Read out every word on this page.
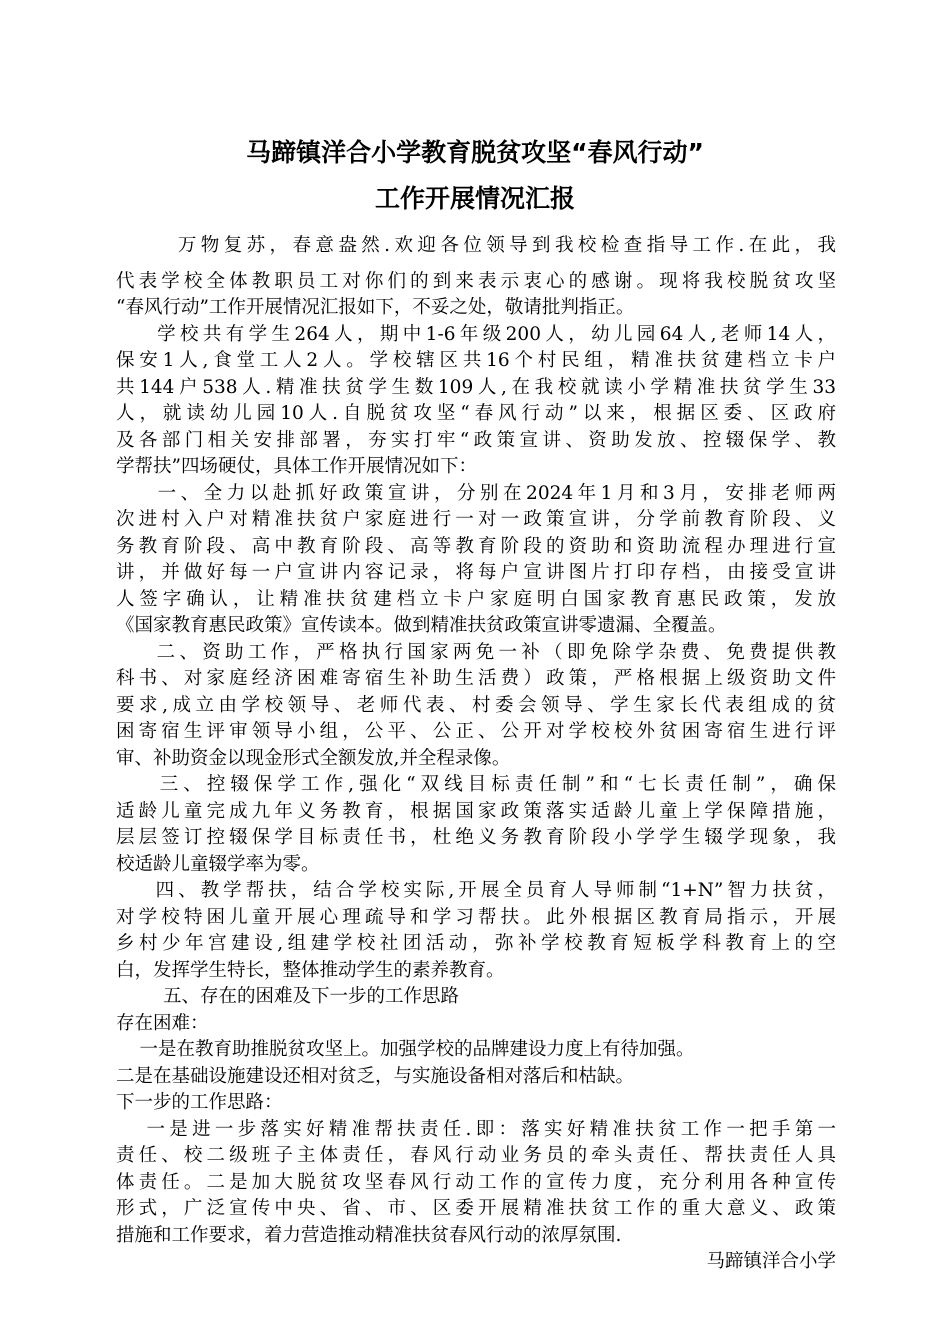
马蹄镇洋合小学教育脱贫攻坚“春风行动”
工作开展情况汇报
万物复苏，春意盎然.欢迎各位领导到我校检查指导工作.在此，我
代表学校全体教职员工对你们的到来表示衷心的感谢。现将我校脱贫攻坚
“春风行动”工作开展情况汇报如下，不妥之处，敬请批判指正。
学校共有学生264人，期中1-6年级200人，幼儿园64人,老师14人，
保安1人,食堂工人2人。学校辖区共16个村民组，精准扶贫建档立卡户
共144户538人.精准扶贫学生数109人,在我校就读小学精准扶贫学生33
人，就读幼儿园10人.自脱贫攻坚“春风行动”以来，根据区委、区政府
及各部门相关安排部署，夯实打牢“政策宣讲、资助发放、控辍保学、教
学帮扶”四场硬仗，具体工作开展情况如下：
一、全力以赴抓好政策宣讲，分别在2024年1月和3月，安排老师两
次进村入户对精准扶贫户家庭进行一对一政策宣讲，分学前教育阶段、义
务教育阶段、高中教育阶段、高等教育阶段的资助和资助流程办理进行宣
讲，并做好每一户宣讲内容记录，将每户宣讲图片打印存档，由接受宣讲
人签字确认，让精准扶贫建档立卡户家庭明白国家教育惠民政策，发放
《国家教育惠民政策》宣传读本。做到精准扶贫政策宣讲零遗漏、全覆盖。
二、资助工作，严格执行国家两免一补（即免除学杂费、免费提供教
科书、对家庭经济困难寄宿生补助生活费）政策，严格根据上级资助文件
要求,成立由学校领导、老师代表、村委会领导、学生家长代表组成的贫
困寄宿生评审领导小组，公平、公正、公开对学校校外贫困寄宿生进行评
审、补助资金以现金形式全额发放,并全程录像。
三、控辍保学工作,强化“双线目标责任制”和“七长责任制”，确保
适龄儿童完成九年义务教育，根据国家政策落实适龄儿童上学保障措施，
层层签订控辍保学目标责任书，杜绝义务教育阶段小学学生辍学现象，我
校适龄儿童辍学率为零。
四、教学帮扶，结合学校实际,开展全员育人导师制“1+N”智力扶贫，
对学校特困儿童开展心理疏导和学习帮扶。此外根据区教育局指示，开展
乡村少年宫建设,组建学校社团活动，弥补学校教育短板学科教育上的空
白，发挥学生特长，整体推动学生的素养教育。
五、存在的困难及下一步的工作思路
存在困难：
一是在教育助推脱贫攻坚上。加强学校的品牌建设力度上有待加强。
二是在基础设施建设还相对贫乏，与实施设备相对落后和枯缺。
下一步的工作思路：
一是进一步落实好精准帮扶责任.即：落实好精准扶贫工作一把手第一
责任、校二级班子主体责任，春风行动业务员的牵头责任、帮扶责任人具
体责任。二是加大脱贫攻坚春风行动工作的宣传力度，充分利用各种宣传
形式，广泛宣传中央、省、市、区委开展精准扶贫工作的重大意义、政策
措施和工作要求，着力营造推动精准扶贫春风行动的浓厚氛围.
马蹄镇洋合小学
